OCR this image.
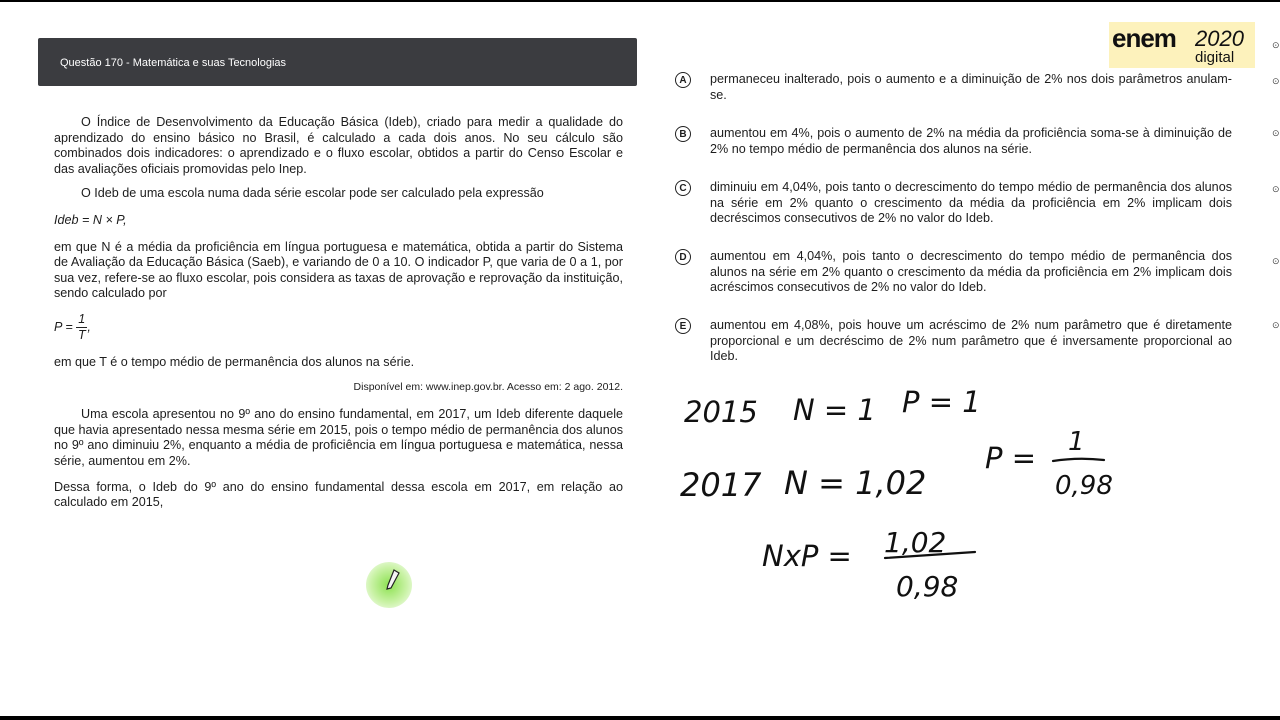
Questão 170 - Matemática e suas Tecnologias

O Índice de Desenvolvimento da Educação Básica (Ideb), criado para medir a qualidade do aprendizado do ensino básico no Brasil, é calculado a cada dois anos. No seu cálculo são combinados dois indicadores: o aprendizado e o fluxo escolar, obtidos a partir do Censo Escolar e das avaliações oficiais promovidas pelo Inep.

O Ideb de uma escola numa dada série escolar pode ser calculado pela expressão

Ideb = N × P,

em que N é a média da proficiência em língua portuguesa e matemática, obtida a partir do Sistema de Avaliação da Educação Básica (Saeb), e variando de 0 a 10. O indicador P, que varia de 0 a 1, por sua vez, refere-se ao fluxo escolar, pois considera as taxas de aprovação e reprovação da instituição, sendo calculado por

$P = \frac{1}{T}$ ,

em que T é o tempo médio de permanência dos alunos na série.

Disponível em: www.inep.gov.br. Acesso em: 2 ago. 2012.

Uma escola apresentou no 9º ano do ensino fundamental, em 2017, um Ideb diferente daquele que havia apresentado nessa mesma série em 2015, pois o tempo médio de permanência dos alunos no 9º ano diminuiu 2%, enquanto a média de proficiência em língua portuguesa e matemática, nessa série, aumentou em 2%.

Dessa forma, o Ideb do 9º ano do ensino fundamental dessa escola em 2017, em relação ao calculado em 2015,

A	permaneceu inalterado, pois o aumento e a diminuição de 2% nos dois parâmetros anulam-se.
B	aumentou em 4%, pois o aumento de 2% na média da proficiência soma-se à diminuição de 2% no tempo médio de permanência dos alunos na série.
C	diminuiu em 4,04%, pois tanto o decrescimento do tempo médio de permanência dos alunos na série em 2% quanto o crescimento da média da proficiência em 2% implicam dois decréscimos consecutivos de 2% no valor do Ideb.
D	aumentou em 4,04%, pois tanto o decrescimento do tempo médio de permanência dos alunos na série em 2% quanto o crescimento da média da proficiência em 2% implicam dois acréscimos consecutivos de 2% no valor do Ideb.
E	aumentou em 4,08%, pois houve um acréscimo de 2% num parâmetro que é diretamente proporcional e um decréscimo de 2% num parâmetro que é inversamente proporcional ao Ideb.
enem 2020
digital
2015 N = 1 P = 1
P = 1
0,98
2017 N = 1,02
NxP = 1,02
0,98
⊙
⊙
⊙
⊙
⊙
⊙
